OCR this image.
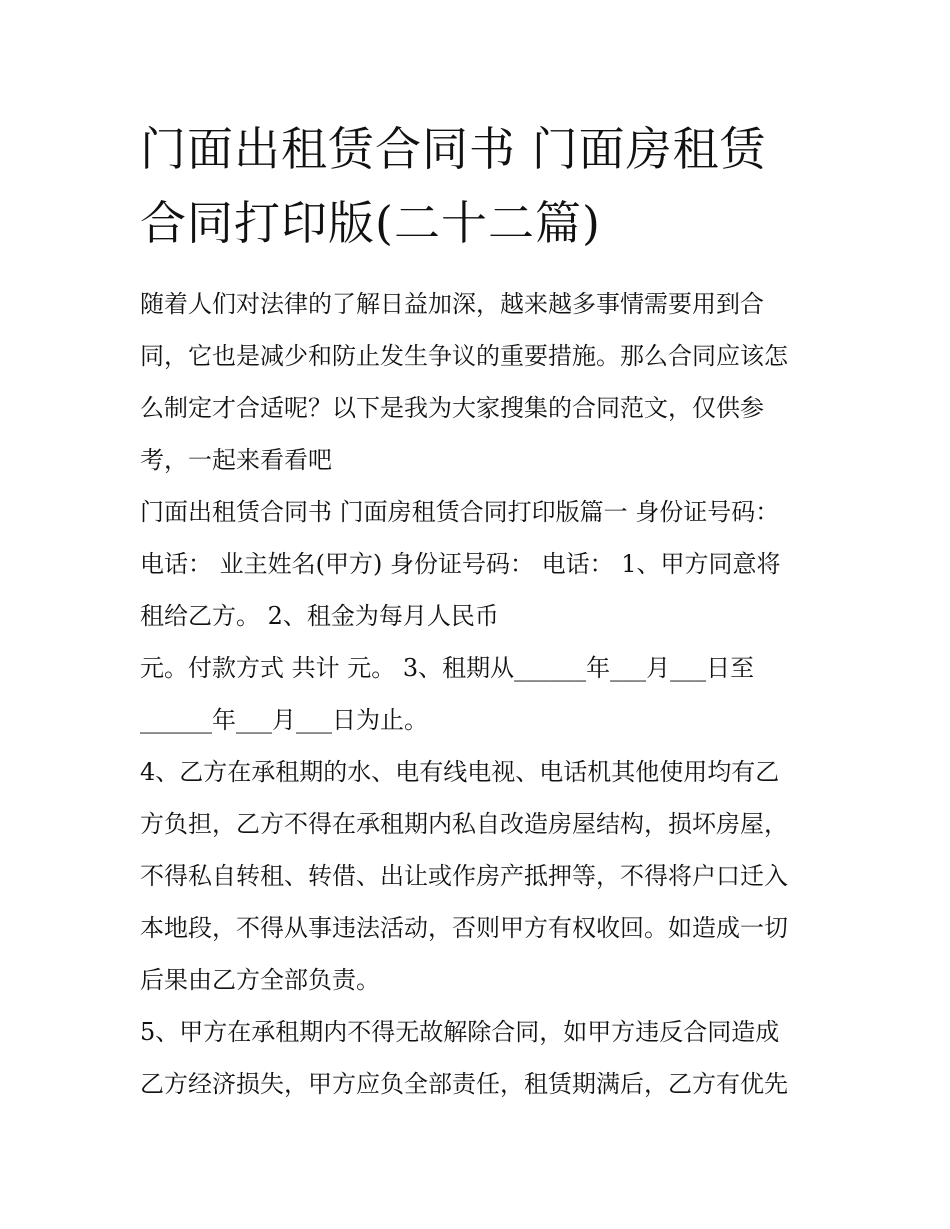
门面出租赁合同书 门面房租赁
合同打印版(二十二篇)

随着人们对法律的了解日益加深，越来越多事情需要用到合
同，它也是减少和防止发生争议的重要措施。那么合同应该怎
么制定才合适呢？以下是我为大家搜集的合同范文，仅供参
考，一起来看看吧

门面出租赁合同书 门面房租赁合同打印版篇一 身份证号码：
电话： 业主姓名(甲方) 身份证号码： 电话： 1、甲方同意将
租给乙方。 2、租金为每月人民币

元。付款方式 共计 元。 3、租期从______年___月___日至
______年___月___日为止。

4、乙方在承租期的水、电有线电视、电话机其他使用均有乙
方负担，乙方不得在承租期内私自改造房屋结构，损坏房屋，
不得私自转租、转借、出让或作房产抵押等，不得将户口迁入
本地段，不得从事违法活动，否则甲方有权收回。如造成一切
后果由乙方全部负责。

5、甲方在承租期内不得无故解除合同，如甲方违反合同造成
乙方经济损失，甲方应负全部责任，租赁期满后，乙方有优先
